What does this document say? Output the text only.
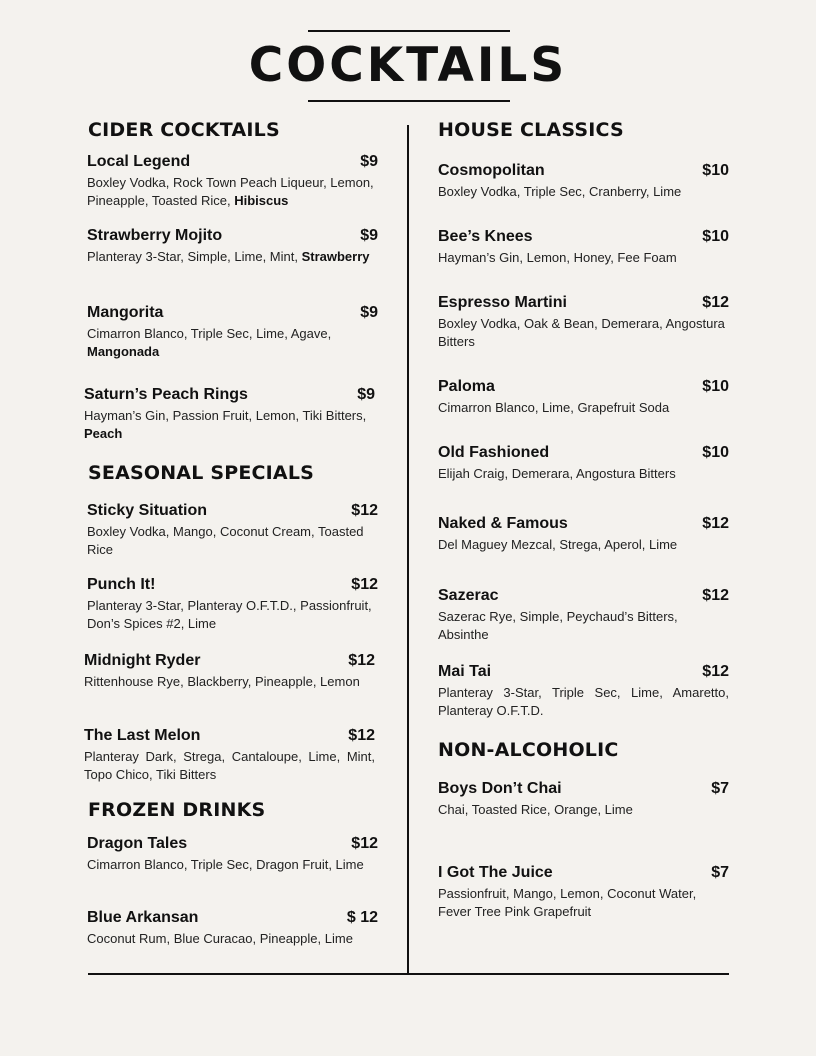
COCKTAILS
CIDER COCKTAILS
Local Legend	$9
Boxley Vodka, Rock Town Peach Liqueur, Lemon, Pineapple, Toasted Rice, Hibiscus
Strawberry Mojito	$9
Planteray 3-Star, Simple, Lime, Mint, Strawberry
Mangorita	$9
Cimarron Blanco, Triple Sec, Lime, Agave, Mangonada
Saturn’s Peach Rings	$9
Hayman’s Gin, Passion Fruit, Lemon, Tiki Bitters, Peach
SEASONAL SPECIALS
Sticky Situation	$12
Boxley Vodka, Mango, Coconut Cream, Toasted Rice
Punch It!	$12
Planteray 3-Star, Planteray O.F.T.D., Passionfruit, Don’s Spices #2, Lime
Midnight Ryder	$12
Rittenhouse Rye, Blackberry, Pineapple, Lemon
The Last Melon	$12
Planteray Dark, Strega, Cantaloupe, Lime, Mint, Topo Chico, Tiki Bitters
FROZEN DRINKS
Dragon Tales	$12
Cimarron Blanco, Triple Sec, Dragon Fruit, Lime
Blue Arkansan	$ 12
Coconut Rum, Blue Curacao, Pineapple, Lime
HOUSE CLASSICS
Cosmopolitan	$10
Boxley Vodka, Triple Sec, Cranberry, Lime
Bee’s Knees	$10
Hayman’s Gin, Lemon, Honey, Fee Foam
Espresso Martini	$12
Boxley Vodka, Oak & Bean, Demerara, Angostura Bitters
Paloma	$10
Cimarron Blanco, Lime, Grapefruit Soda
Old Fashioned	$10
Elijah Craig, Demerara, Angostura Bitters
Naked & Famous	$12
Del Maguey Mezcal, Strega, Aperol, Lime
Sazerac	$12
Sazerac Rye, Simple, Peychaud’s Bitters, Absinthe
Mai Tai	$12
Planteray 3-Star, Triple Sec, Lime, Amaretto, Planteray O.F.T.D.
NON-ALCOHOLIC
Boys Don’t Chai	$7
Chai, Toasted Rice, Orange, Lime
I Got The Juice	$7
Passionfruit, Mango, Lemon, Coconut Water, Fever Tree Pink Grapefruit
